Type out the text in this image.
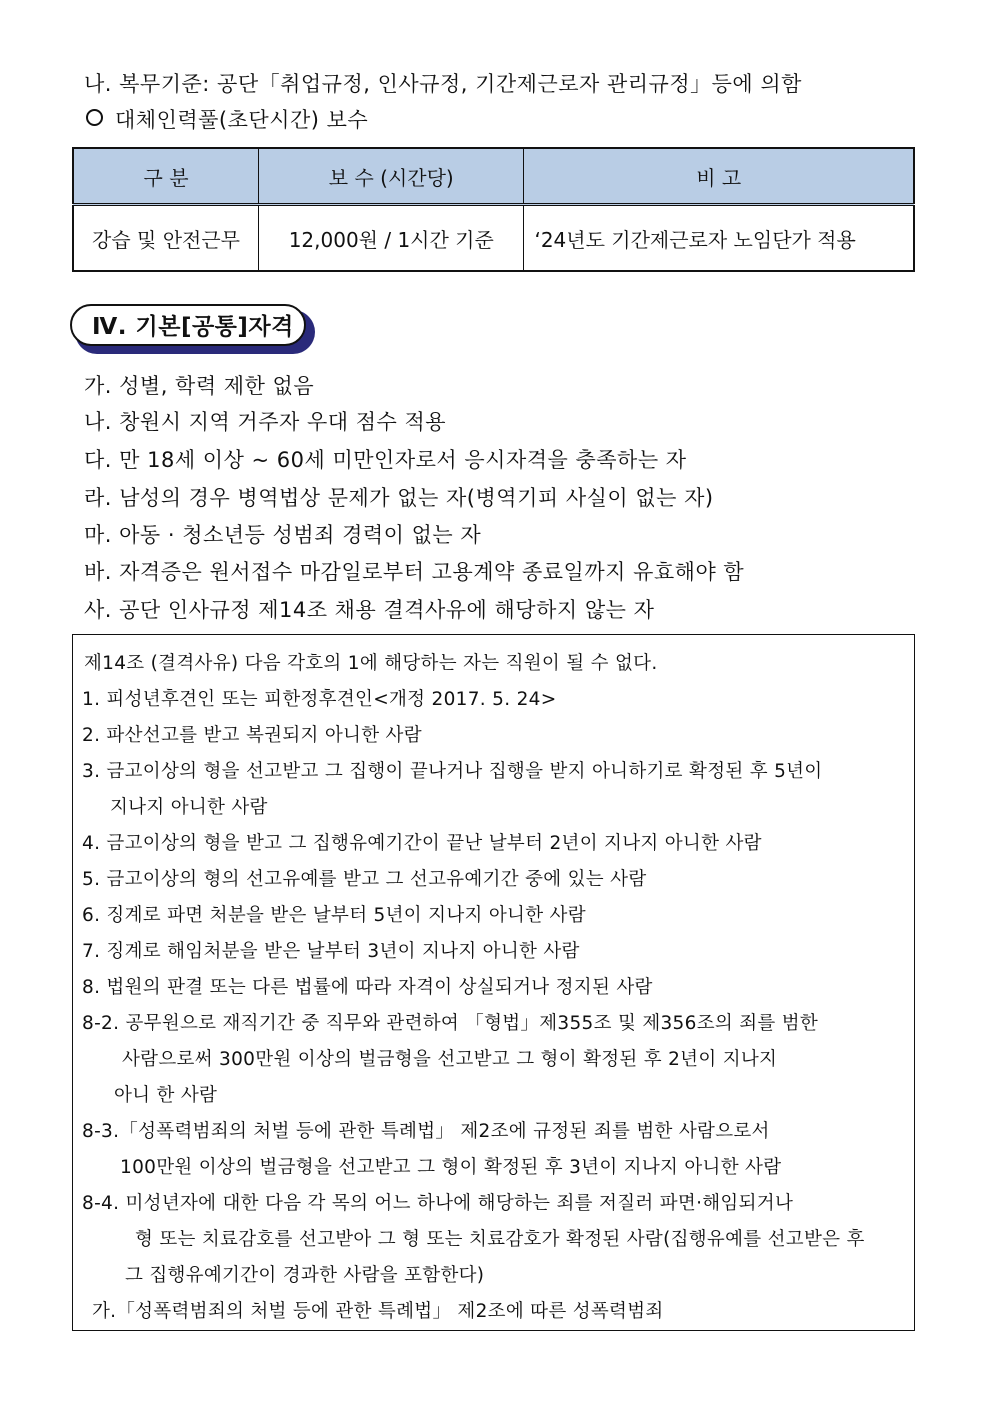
나. 복무기준: 공단「취업규정, 인사규정, 기간제근로자 관리규정」등에 의함
대체인력풀(초단시간) 보수
구 분	보 수 (시간당)	비 고
강습 및 안전근무	12,000원 / 1시간 기준	‘24년도 기간제근로자 노임단가 적용
Ⅳ. 기본[공통]자격
가. 성별, 학력 제한 없음
나. 창원시 지역 거주자 우대 점수 적용
다. 만 18세 이상 ~ 60세 미만인자로서 응시자격을 충족하는 자
라. 남성의 경우 병역법상 문제가 없는 자(병역기피 사실이 없는 자)
마. 아동 · 청소년등 성범죄 경력이 없는 자
바. 자격증은 원서접수 마감일로부터 고용계약 종료일까지 유효해야 함
사. 공단 인사규정 제14조 채용 결격사유에 해당하지 않는 자
제14조 (결격사유) 다음 각호의 1에 해당하는 자는 직원이 될 수 없다.
1. 피성년후견인 또는 피한정후견인<개정 2017. 5. 24>
2. 파산선고를 받고 복권되지 아니한 사람
3. 금고이상의 형을 선고받고 그 집행이 끝나거나 집행을 받지 아니하기로 확정된 후 5년이
지나지 아니한 사람
4. 금고이상의 형을 받고 그 집행유예기간이 끝난 날부터 2년이 지나지 아니한 사람
5. 금고이상의 형의 선고유예를 받고 그 선고유예기간 중에 있는 사람
6. 징계로 파면 처분을 받은 날부터 5년이 지나지 아니한 사람
7. 징계로 해임처분을 받은 날부터 3년이 지나지 아니한 사람
8. 법원의 판결 또는 다른 법률에 따라 자격이 상실되거나 정지된 사람
8-2. 공무원으로 재직기간 중 직무와 관련하여 「형법」제355조 및 제356조의 죄를 범한
사람으로써 300만원 이상의 벌금형을 선고받고 그 형이 확정된 후 2년이 지나지
아니 한 사람
8-3.「성폭력범죄의 처벌 등에 관한 특례법」 제2조에 규정된 죄를 범한 사람으로서
100만원 이상의 벌금형을 선고받고 그 형이 확정된 후 3년이 지나지 아니한 사람
8-4. 미성년자에 대한 다음 각 목의 어느 하나에 해당하는 죄를 저질러 파면·해임되거나
형 또는 치료감호를 선고받아 그 형 또는 치료감호가 확정된 사람(집행유예를 선고받은 후
그 집행유예기간이 경과한 사람을 포함한다)
가.「성폭력범죄의 처벌 등에 관한 특례법」 제2조에 따른 성폭력범죄
